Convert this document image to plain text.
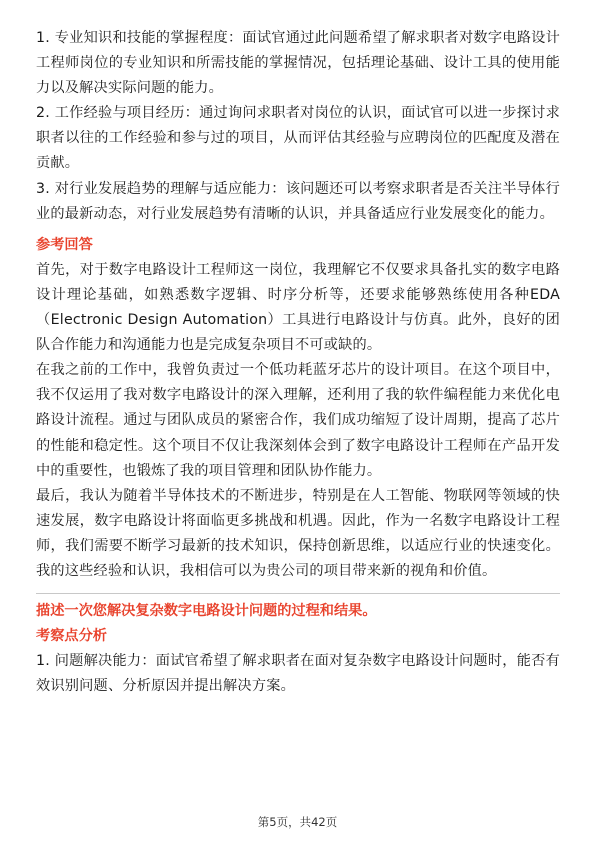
1. 专业知识和技能的掌握程度：面试官通过此问题希望了解求职者对数字电路设计工程师岗位的专业知识和所需技能的掌握情况，包括理论基础、设计工具的使用能力以及解决实际问题的能力。

2. 工作经验与项目经历：通过询问求职者对岗位的认识，面试官可以进一步探讨求职者以往的工作经验和参与过的项目，从而评估其经验与应聘岗位的匹配度及潜在贡献。

3. 对行业发展趋势的理解与适应能力：该问题还可以考察求职者是否关注半导体行业的最新动态，对行业发展趋势有清晰的认识，并具备适应行业发展变化的能力。

参考回答

首先，对于数字电路设计工程师这一岗位，我理解它不仅要求具备扎实的数字电路设计理论基础，如熟悉数字逻辑、时序分析等，还要求能够熟练使用各种EDA（Electronic Design Automation）工具进行电路设计与仿真。此外，良好的团队合作能力和沟通能力也是完成复杂项目不可或缺的。

在我之前的工作中，我曾负责过一个低功耗蓝牙芯片的设计项目。在这个项目中，我不仅运用了我对数字电路设计的深入理解，还利用了我的软件编程能力来优化电路设计流程。通过与团队成员的紧密合作，我们成功缩短了设计周期，提高了芯片的性能和稳定性。这个项目不仅让我深刻体会到了数字电路设计工程师在产品开发中的重要性，也锻炼了我的项目管理和团队协作能力。

最后，我认为随着半导体技术的不断进步，特别是在人工智能、物联网等领域的快速发展，数字电路设计将面临更多挑战和机遇。因此，作为一名数字电路设计工程师，我们需要不断学习最新的技术知识，保持创新思维，以适应行业的快速变化。我的这些经验和认识，我相信可以为贵公司的项目带来新的视角和价值。

描述一次您解决复杂数字电路设计问题的过程和结果。

考察点分析

1. 问题解决能力：面试官希望了解求职者在面对复杂数字电路设计问题时，能否有效识别问题、分析原因并提出解决方案。

第5页，共42页
